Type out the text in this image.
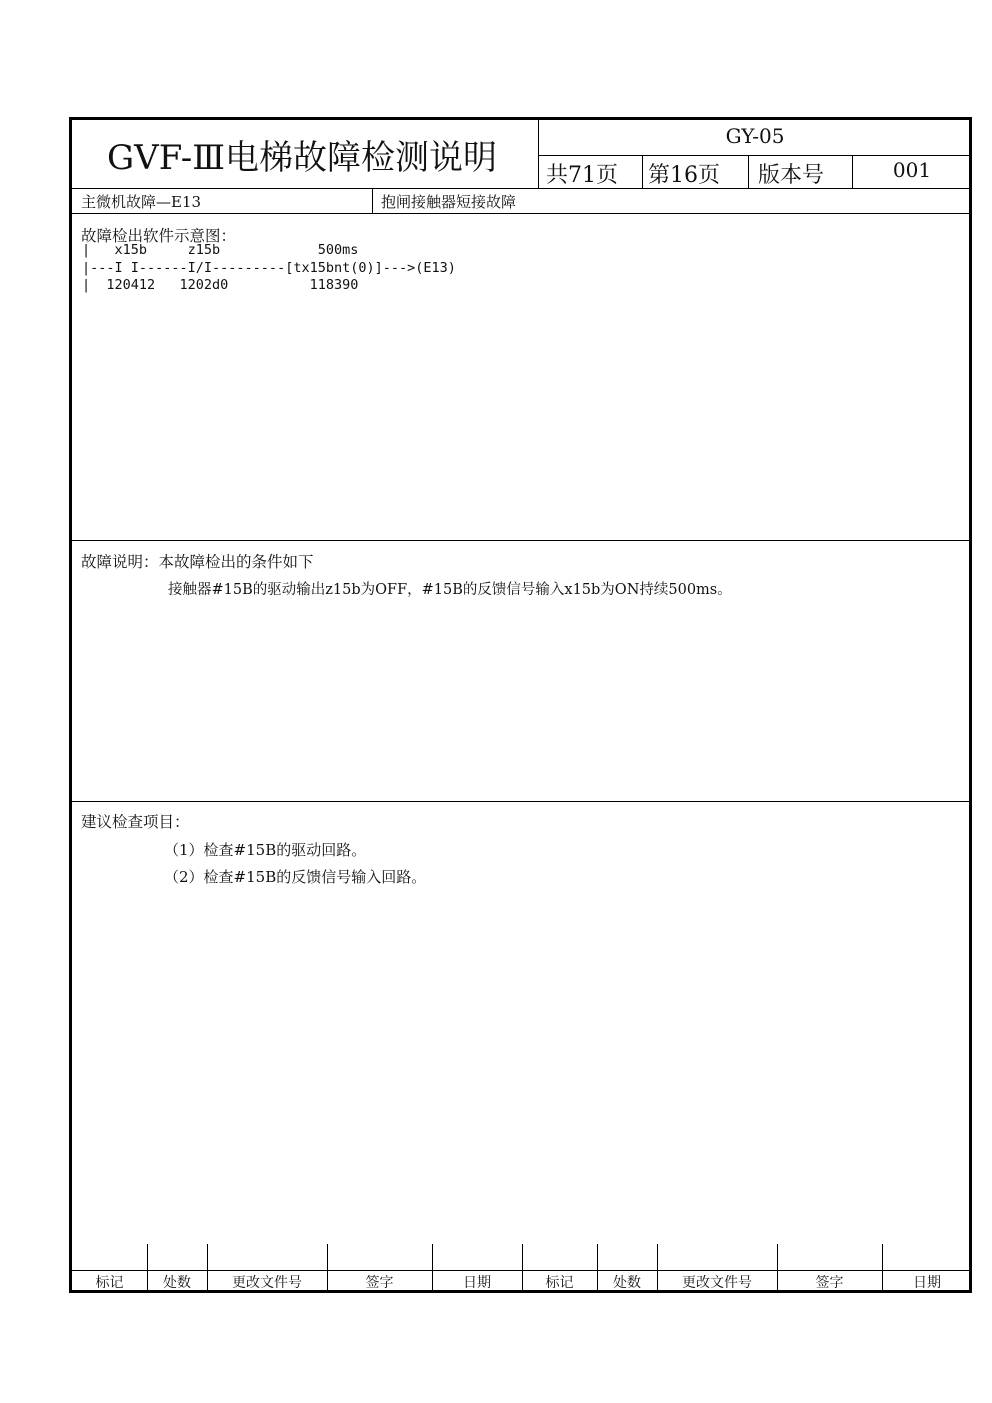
GVF-Ⅲ电梯故障检测说明
GY-05
共71页 第16页 版本号	001
主微机故障—E13	抱闸接触器短接故障
故障检出软件示意图：
|   x15b     z15b            500ms
|---I I------I/I---------[tx15bnt(0)]--->(E13)
|  120412   1202d0          118390
故障说明：本故障检出的条件如下
接触器#15B的驱动输出z15b为OFF，#15B的反馈信号输入x15b为ON持续500ms。
建议检查项目：
（1）检查#15B的驱动回路。
（2）检查#15B的反馈信号输入回路。
标记	处数	更改文件号	签字	日期	标记	处数	更改文件号	签字	日期
